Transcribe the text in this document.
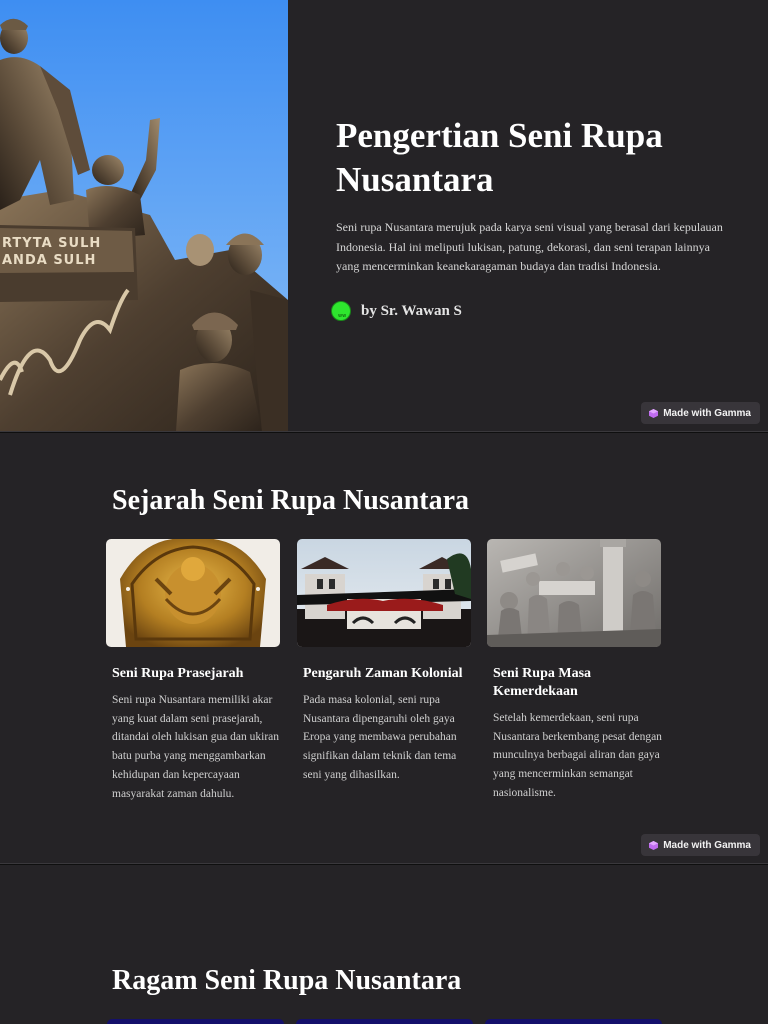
RTYTA SULH
ANDA SULH
Pengertian Seni Rupa Nusantara

Seni rupa Nusantara merujuk pada karya seni visual yang berasal dari kepulauan Indonesia. Hal ini meliputi lukisan, patung, dekorasi, dan seni terapan lainnya yang mencerminkan keanekaragaman budaya dan tradisi Indonesia.

ww by Sr. Wawan S
Made with Gamma
Sejarah Seni Rupa Nusantara
Seni Rupa Prasejarah

Seni rupa Nusantara memiliki akar yang kuat dalam seni prasejarah, ditandai oleh lukisan gua dan ukiran batu purba yang menggambarkan kehidupan dan kepercayaan masyarakat zaman dahulu.

Pengaruh Zaman Kolonial

Pada masa kolonial, seni rupa Nusantara dipengaruhi oleh gaya Eropa yang membawa perubahan signifikan dalam teknik dan tema seni yang dihasilkan.

Seni Rupa Masa Kemerdekaan

Setelah kemerdekaan, seni rupa Nusantara berkembang pesat dengan munculnya berbagai aliran dan gaya yang mencerminkan semangat nasionalisme.

Made with Gamma
Ragam Seni Rupa Nusantara
